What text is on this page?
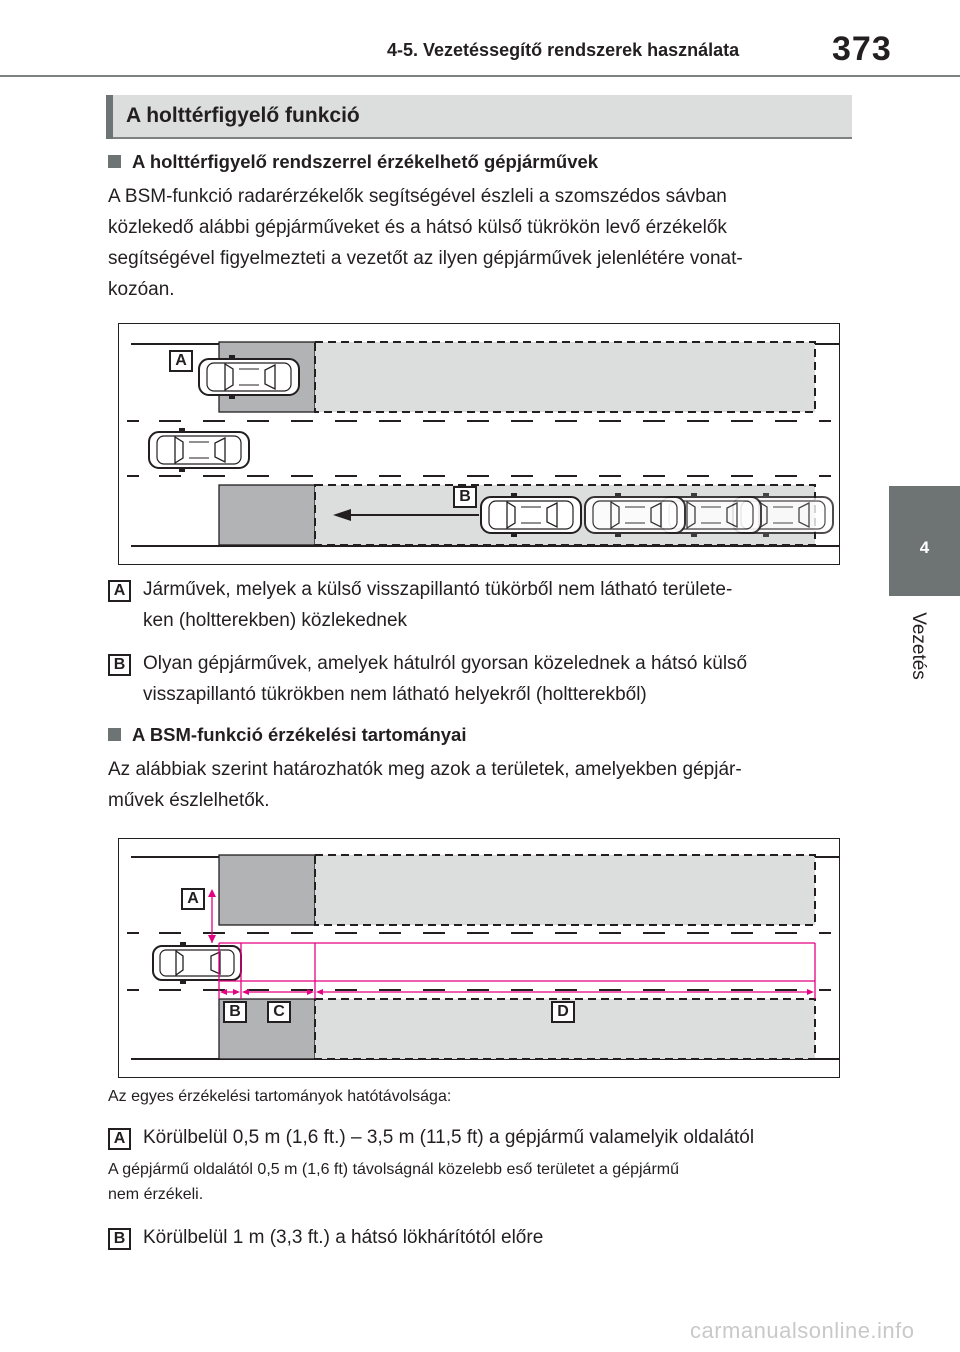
4-5. Vezetéssegítő rendszerek használata	373
4
Vezetés
A holttérfigyelő funkció
A holttérfigyelő rendszerrel érzékelhető gépjárművek
A BSM-funkció radarérzékelők segítségével észleli a szomszédos sávban
közlekedő alábbi gépjárműveket és a hátsó külső tükrökön levő érzékelők
segítségével figyelmezteti a vezetőt az ilyen gépjárművek jelenlétére vonat-
kozóan.
A
B
A Járművek, melyek a külső visszapillantó tükörből nem látható területe-
ken (holtterekben) közlekednek
B Olyan gépjárművek, amelyek hátulról gyorsan közelednek a hátsó külső
visszapillantó tükrökben nem látható helyekről (holtterekből)
A BSM-funkció érzékelési tartományai
Az alábbiak szerint határozhatók meg azok a területek, amelyekben gépjár-
művek észlelhetők.
A
B	C	D
Az egyes érzékelési tartományok hatótávolsága:
A Körülbelül 0,5 m (1,6 ft.) – 3,5 m (11,5 ft) a gépjármű valamelyik oldalától
A gépjármű oldalától 0,5 m (1,6 ft) távolságnál közelebb eső területet a gépjármű
nem érzékeli.
B Körülbelül 1 m (3,3 ft.) a hátsó lökhárítótól előre
carmanualsonline.info
